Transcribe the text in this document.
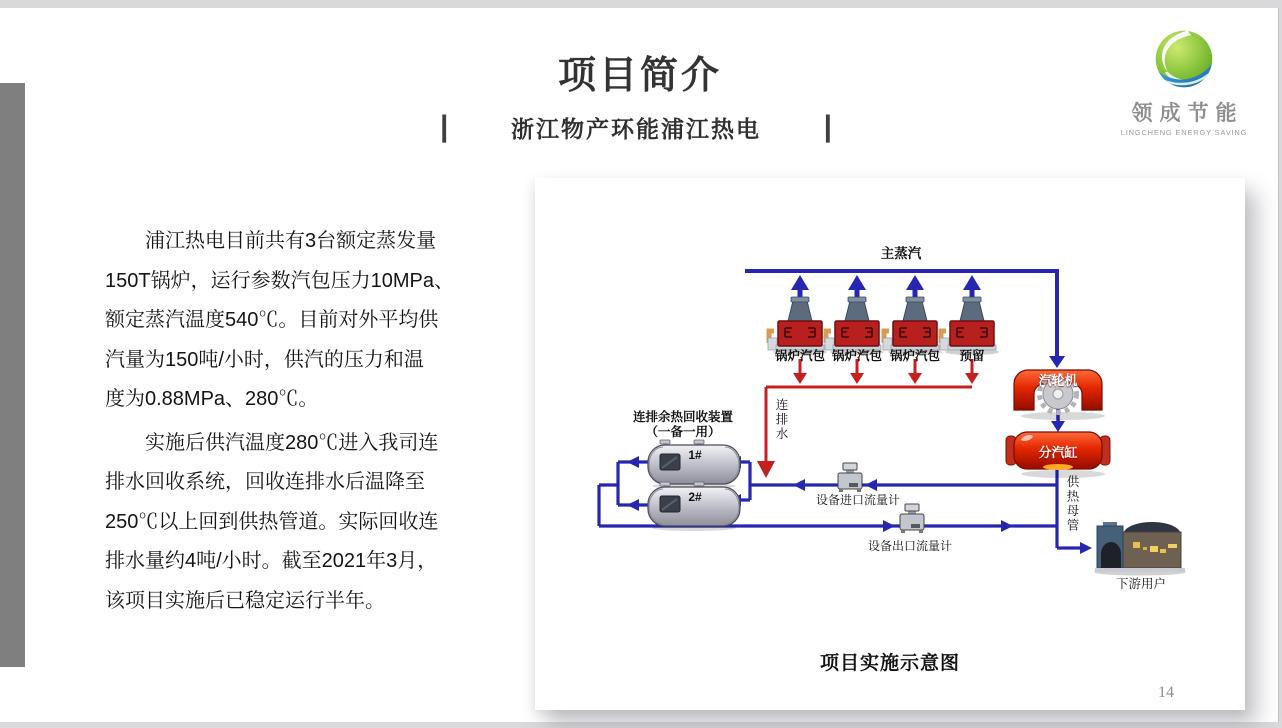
项目简介
|	浙江物产环能浦江热电 |	领成节能
LINGCHENG ENERGY SAVING
浦江热电目前共有3台额定蒸发量
150T锅炉，运行参数汽包压力10MPa、
额定蒸汽温度540℃。目前对外平均供
汽量为150吨/小时，供汽的压力和温
度为0.88MPa、280℃。
实施后供汽温度280℃进入我司连
排水回收系统，回收连排水后温降至
250℃以上回到供热管道。实际回收连
排水量约4吨/小时。截至2021年3月，
该项目实施后已稳定运行半年。
主蒸汽
锅炉汽包 锅炉汽包 锅炉汽包 预留
连排水
汽轮机
分汽缸
供热母管
连排余热回收装置
（一备一用）
1#
2#	设备进口流量计
设备出口流量计
下游用户
项目实施示意图
14
